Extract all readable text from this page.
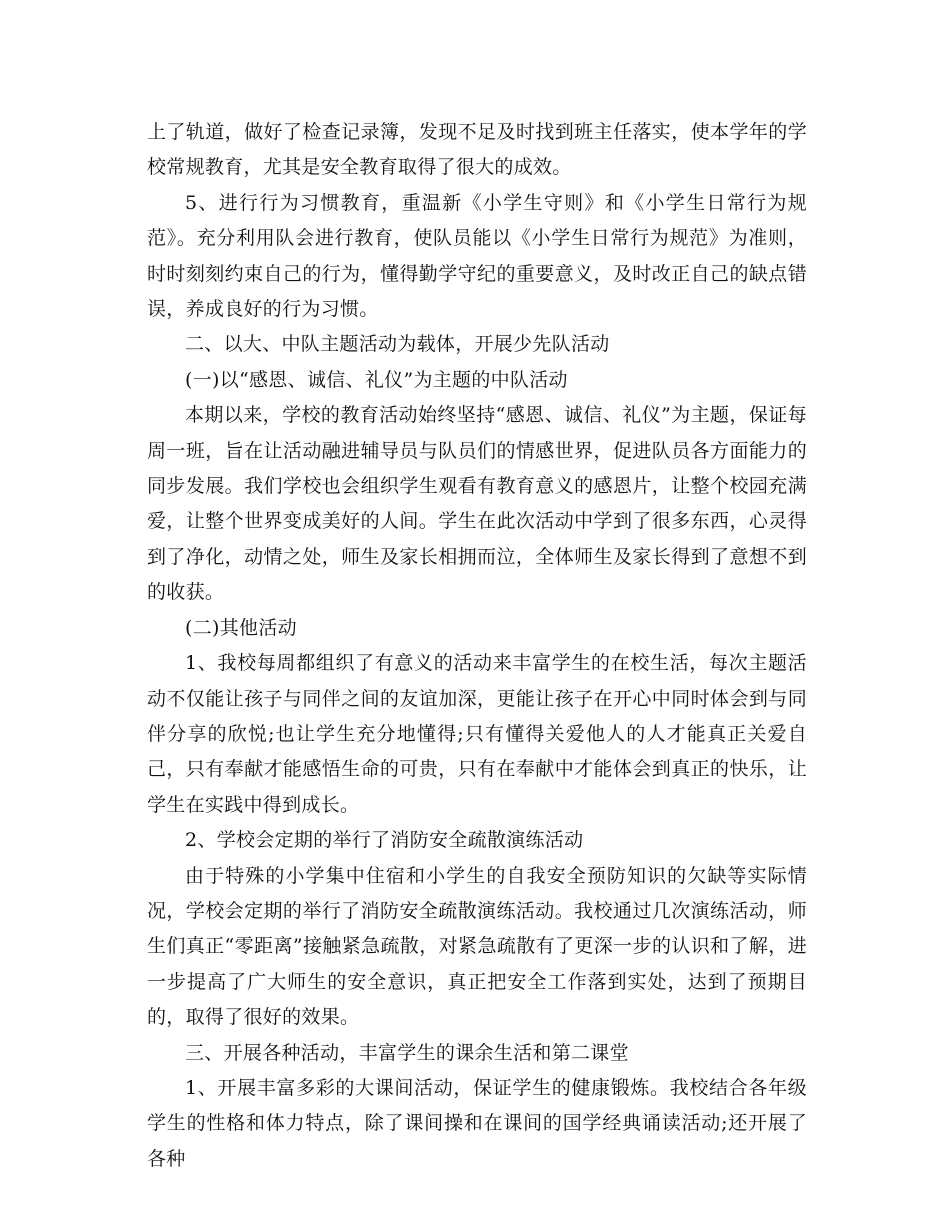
上了轨道，做好了检查记录簿，发现不足及时找到班主任落实，使本学年的学校常规教育，尤其是安全教育取得了很大的成效。

5、进行行为习惯教育，重温新《小学生守则》和《小学生日常行为规范》。充分利用队会进行教育，使队员能以《小学生日常行为规范》为准则，时时刻刻约束自己的行为，懂得勤学守纪的重要意义，及时改正自己的缺点错误，养成良好的行为习惯。

二、以大、中队主题活动为载体，开展少先队活动

(一)以“感恩、诚信、礼仪”为主题的中队活动

本期以来，学校的教育活动始终坚持“感恩、诚信、礼仪”为主题，保证每周一班，旨在让活动融进辅导员与队员们的情感世界，促进队员各方面能力的同步发展。我们学校也会组织学生观看有教育意义的感恩片，让整个校园充满爱，让整个世界变成美好的人间。学生在此次活动中学到了很多东西，心灵得到了净化，动情之处，师生及家长相拥而泣，全体师生及家长得到了意想不到的收获。

(二)其他活动

1、我校每周都组织了有意义的活动来丰富学生的在校生活，每次主题活动不仅能让孩子与同伴之间的友谊加深，更能让孩子在开心中同时体会到与同伴分享的欣悦;也让学生充分地懂得;只有懂得关爱他人的人才能真正关爱自己，只有奉献才能感悟生命的可贵，只有在奉献中才能体会到真正的快乐，让学生在实践中得到成长。

2、学校会定期的举行了消防安全疏散演练活动

由于特殊的小学集中住宿和小学生的自我安全预防知识的欠缺等实际情况，学校会定期的举行了消防安全疏散演练活动。我校通过几次演练活动，师生们真正“零距离”接触紧急疏散，对紧急疏散有了更深一步的认识和了解，进一步提高了广大师生的安全意识，真正把安全工作落到实处，达到了预期目的，取得了很好的效果。

三、开展各种活动，丰富学生的课余生活和第二课堂

1、开展丰富多彩的大课间活动，保证学生的健康锻炼。我校结合各年级学生的性格和体力特点，除了课间操和在课间的国学经典诵读活动;还开展了各种
